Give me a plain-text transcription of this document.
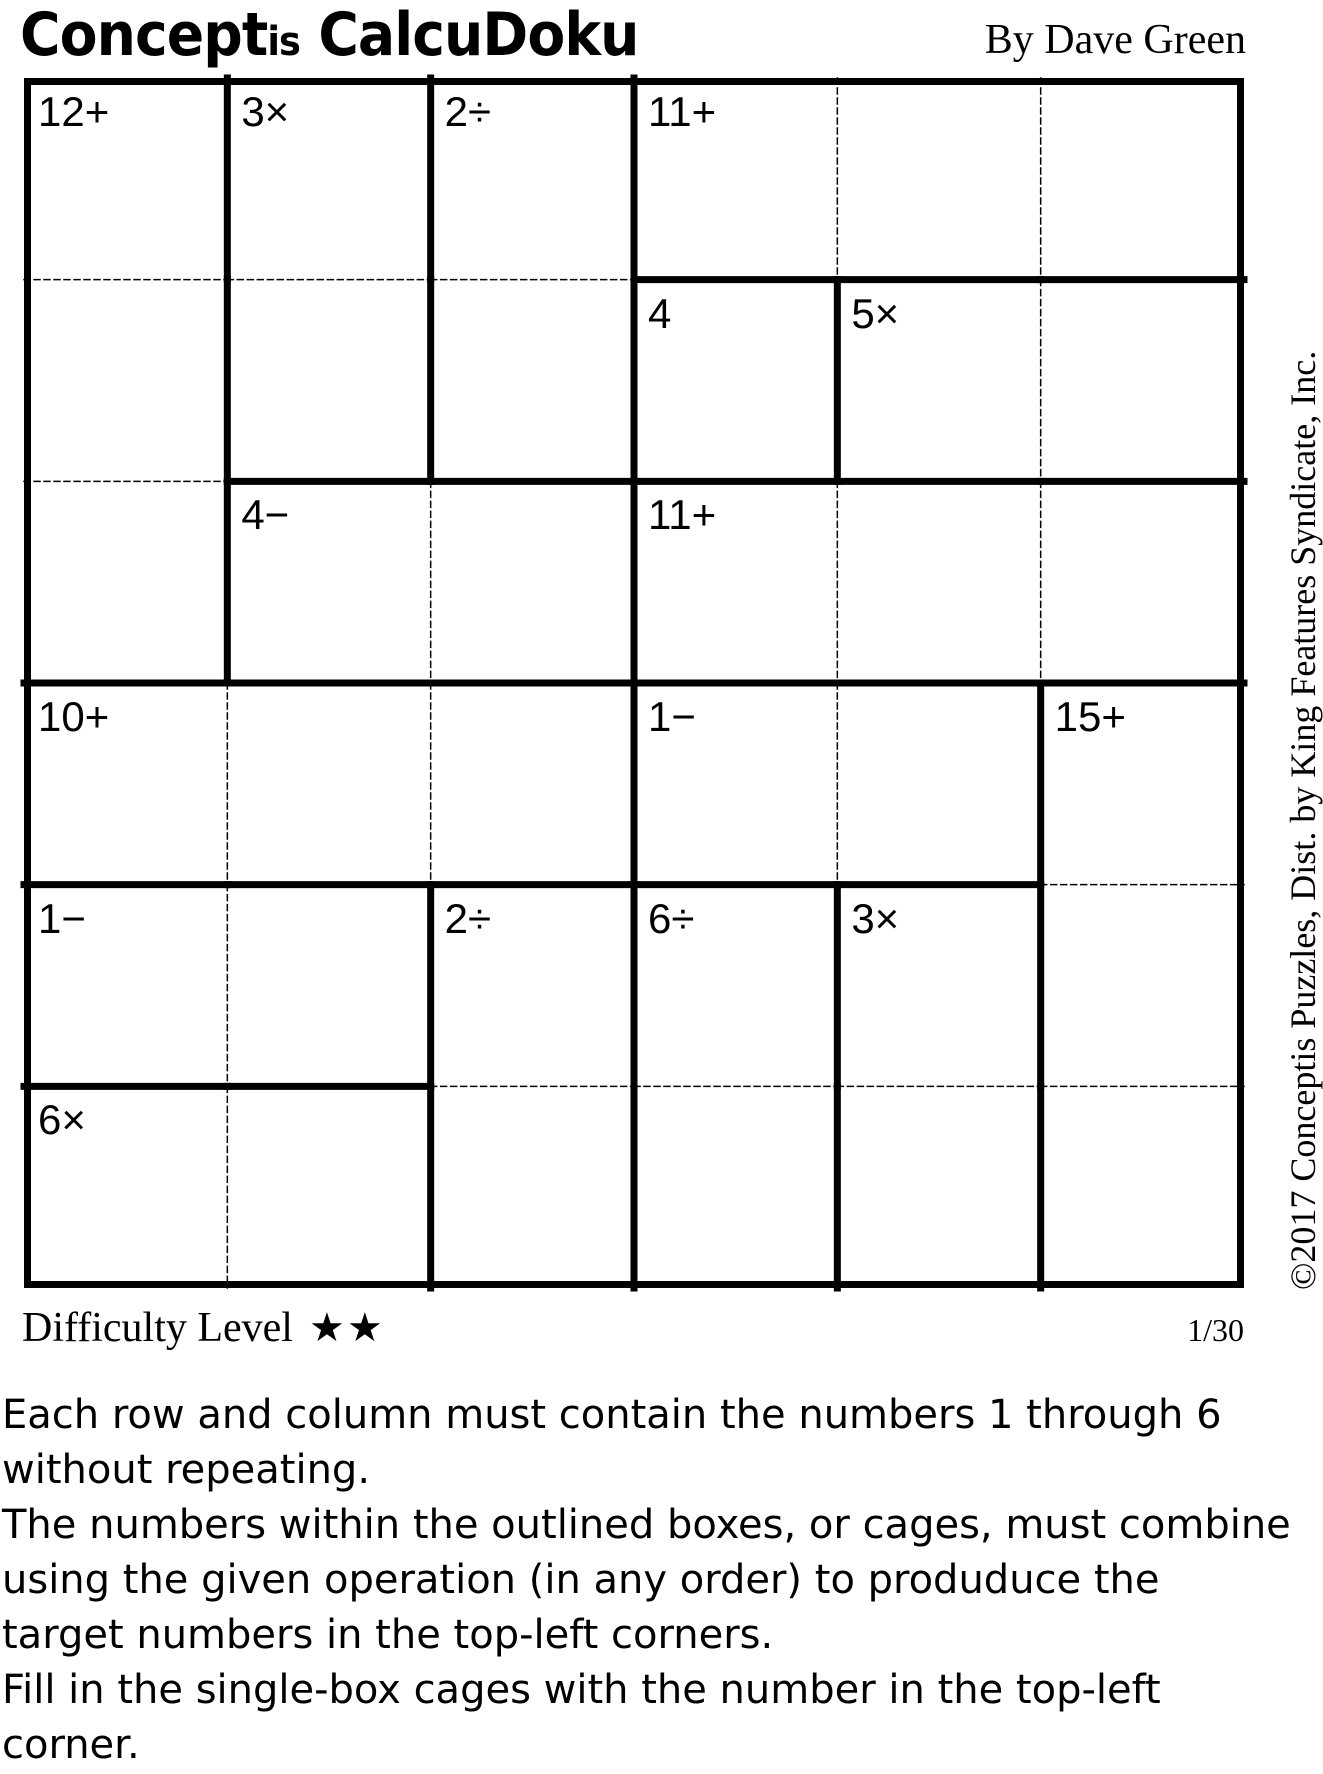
Conceptis CalcuDoku	By Dave Green
12+	3×	2÷	11+
4	5×
4−	11+
10+	1−	15+
1−	2÷	6÷	3×
6×	©2017 Conceptis Puzzles, Dist. by King Features Syndicate, Inc.
Difficulty Level ★★	1/30

Each row and column must contain the numbers 1 through 6 without repeating.

The numbers within the outlined boxes, or cages, must combine using the given operation (in any order) to produduce the target numbers in the top-left corners.

Fill in the single-box cages with the number in the top-left corner.
